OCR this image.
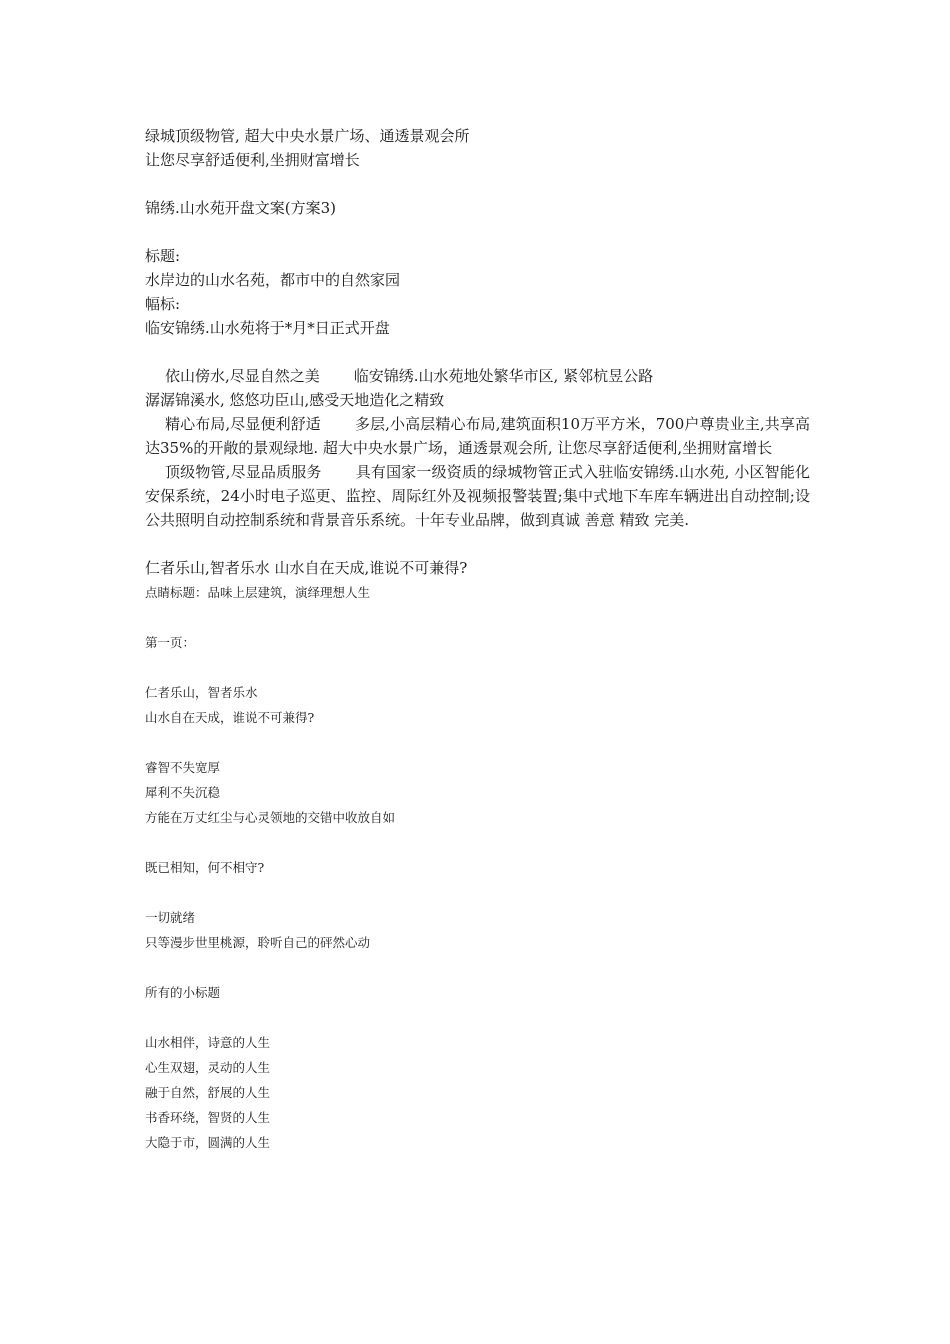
绿城顶级物管, 超大中央水景广场、通透景观会所

让您尽享舒适便利,坐拥财富增长

锦绣.山水苑开盘文案(方案3)

标题:

水岸边的山水名苑，都市中的自然家园

幅标:

临安锦绣.山水苑将于*月*日正式开盘

依山傍水,尽显自然之美 临安锦绣.山水苑地处繁华市区, 紧邻杭昱公路

潺潺锦溪水, 悠悠功臣山,感受天地造化之精致

精心布局,尽显便利舒适 多层,小高层精心布局,建筑面积10万平方米，700户尊贵业主,共享高达35%的开敞的景观绿地. 超大中央水景广场，通透景观会所, 让您尽享舒适便利,坐拥财富增长

顶级物管,尽显品质服务 具有国家一级资质的绿城物管正式入驻临安锦绣.山水苑, 小区智能化安保系统，24小时电子巡更、监控、周际红外及视频报警装置;集中式地下车库车辆进出自动控制;设公共照明自动控制系统和背景音乐系统。十年专业品牌，做到真诚 善意 精致 完美.

仁者乐山,智者乐水 山水自在天成,谁说不可兼得?

点睛标题：品味上层建筑，演绎理想人生

第一页：

仁者乐山，智者乐水

山水自在天成，谁说不可兼得?

睿智不失宽厚

犀利不失沉稳

方能在万丈红尘与心灵领地的交错中收放自如

既已相知，何不相守?

一切就绪

只等漫步世里桃源，聆听自己的砰然心动

所有的小标题

山水相伴，诗意的人生

心生双翅，灵动的人生

融于自然，舒展的人生

书香环绕，智贤的人生

大隐于市，圆满的人生
